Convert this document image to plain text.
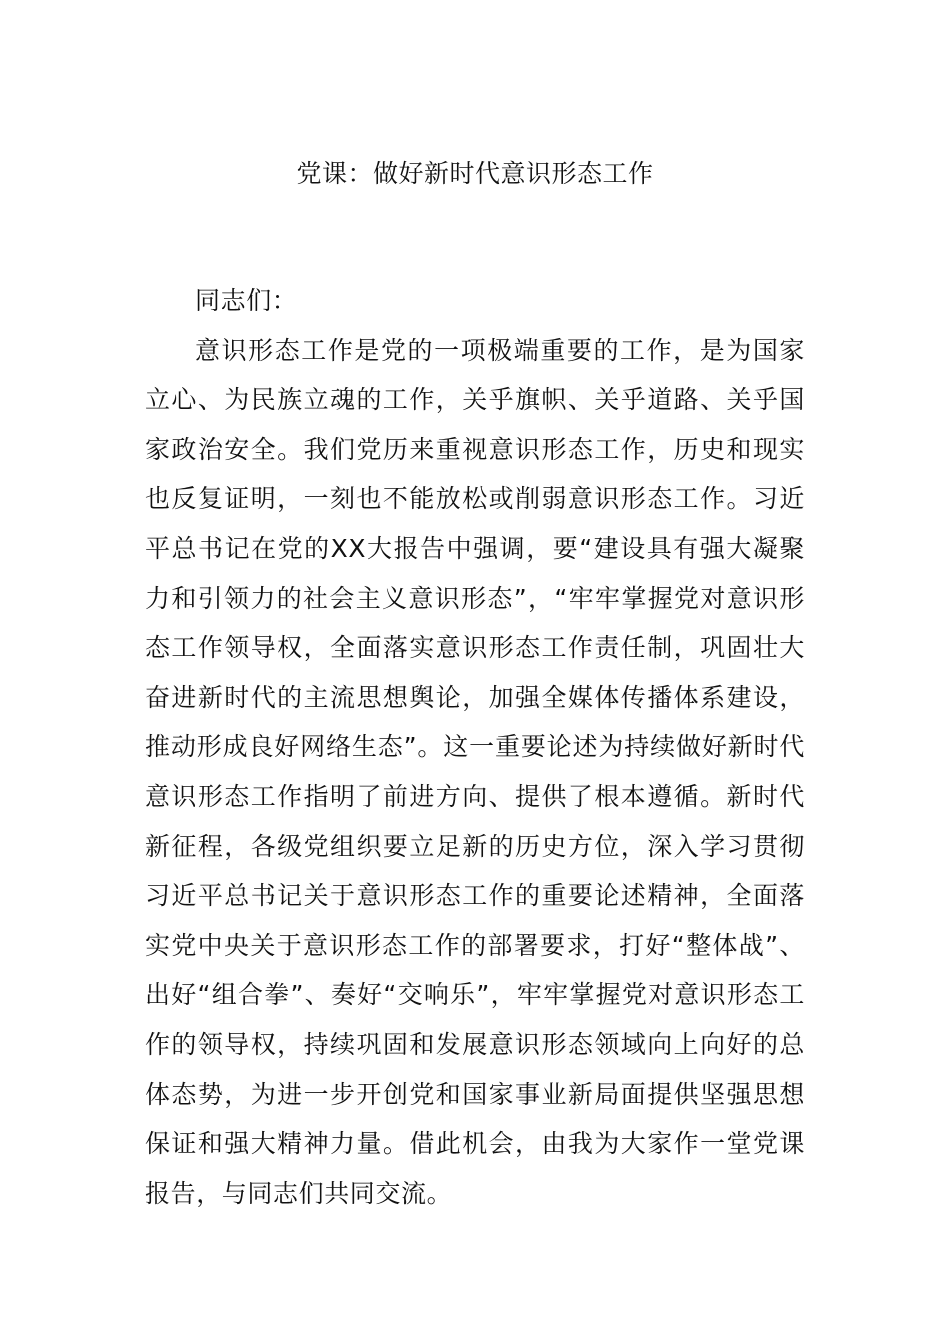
党课：做好新时代意识形态工作

同志们：

意识形态工作是党的一项极端重要的工作，是为国家立心、为民族立魂的工作，关乎旗帜、关乎道路、关乎国家政治安全。我们党历来重视意识形态工作，历史和现实也反复证明，一刻也不能放松或削弱意识形态工作。习近平总书记在党的XX大报告中强调，要“建设具有强大凝聚力和引领力的社会主义意识形态”，“牢牢掌握党对意识形态工作领导权，全面落实意识形态工作责任制，巩固壮大奋进新时代的主流思想舆论，加强全媒体传播体系建设，推动形成良好网络生态”。这一重要论述为持续做好新时代意识形态工作指明了前进方向、提供了根本遵循。新时代新征程，各级党组织要立足新的历史方位，深入学习贯彻习近平总书记关于意识形态工作的重要论述精神，全面落实党中央关于意识形态工作的部署要求，打好“整体战”、出好“组合拳”、奏好“交响乐”，牢牢掌握党对意识形态工作的领导权，持续巩固和发展意识形态领域向上向好的总体态势，为进一步开创党和国家事业新局面提供坚强思想保证和强大精神力量。借此机会，由我为大家作一堂党课报告，与同志们共同交流。
